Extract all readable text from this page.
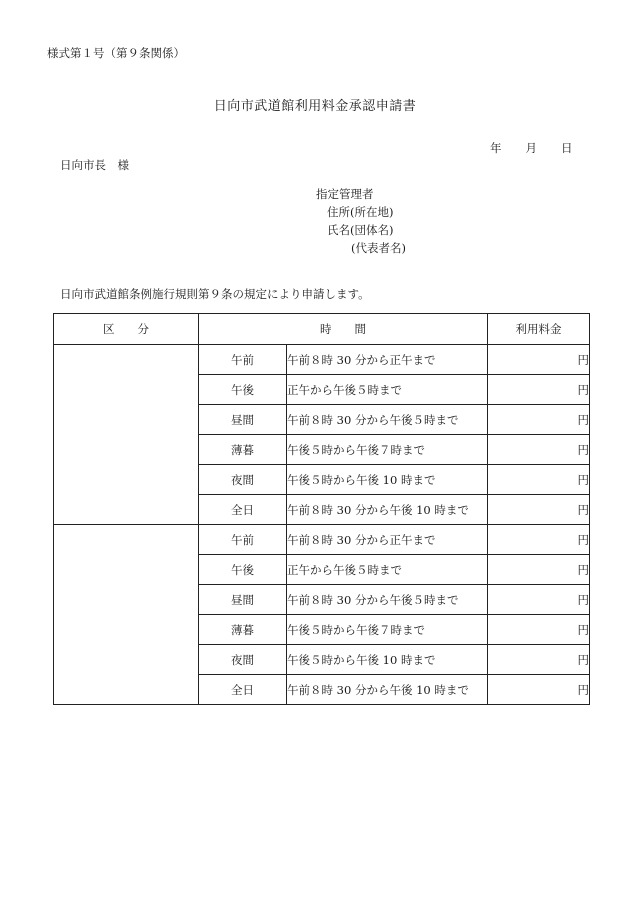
様式第１号（第９条関係）
日向市武道館利用料金承認申請書
年 月 日
日向市長　様
指定管理者
住所(所在地)
氏名(団体名)
(代表者名)
日向市武道館条例施行規則第９条の規定により申請します。
区　　分	時　　間		利用料金
	午前	午前８時 30 分から正午まで	円
	午後	正午から午後５時まで	円
	昼間	午前８時 30 分から午後５時まで	円
	薄暮	午後５時から午後７時まで	円
	夜間	午後５時から午後 10 時まで	円
	全日	午前８時 30 分から午後 10 時まで	円
	午前	午前８時 30 分から正午まで	円
	午後	正午から午後５時まで	円
	昼間	午前８時 30 分から午後５時まで	円
	薄暮	午後５時から午後７時まで	円
	夜間	午後５時から午後 10 時まで	円
	全日	午前８時 30 分から午後 10 時まで	円
